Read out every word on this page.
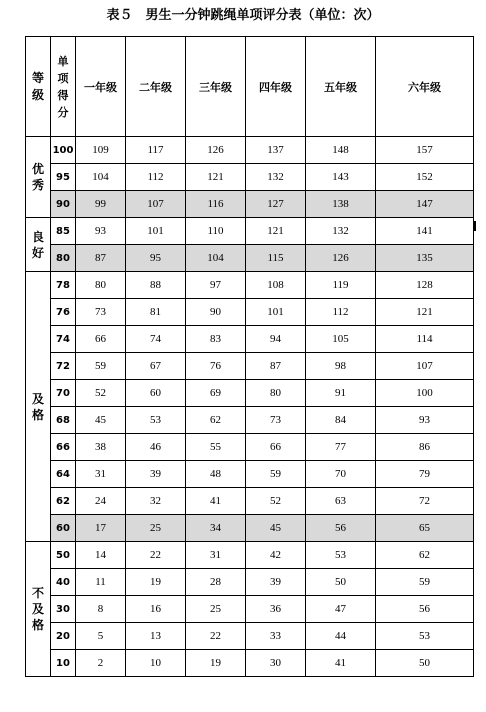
表５　男生一分钟跳绳单项评分表（单位：次）
等级	单项得分	一年级	二年级	三年级	四年级	五年级	六年级
优秀	100	109	117	126	137	148	157
	95	104	112	121	132	143	152
	90	99	107	116	127	138	147
良好	85	93	101	110	121	132	141
	80	87	95	104	115	126	135
及格	78	80	88	97	108	119	128
	76	73	81	90	101	112	121
	74	66	74	83	94	105	114
	72	59	67	76	87	98	107
	70	52	60	69	80	91	100
	68	45	53	62	73	84	93
	66	38	46	55	66	77	86
	64	31	39	48	59	70	79
	62	24	32	41	52	63	72
	60	17	25	34	45	56	65
不及格	50	14	22	31	42	53	62
	40	11	19	28	39	50	59
	30	8	16	25	36	47	56
	20	5	13	22	33	44	53
	10	2	10	19	30	41	50
